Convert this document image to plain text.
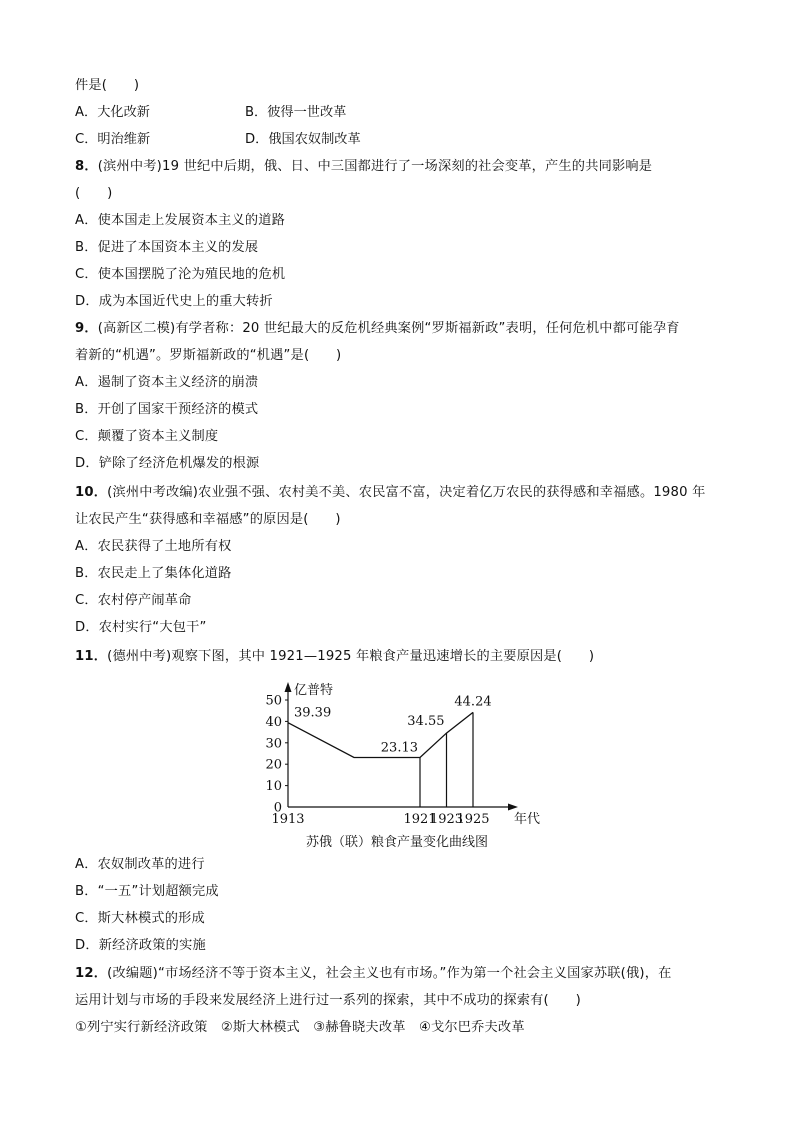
件是(　　)
A．大化改新	B．彼得一世改革
C．明治维新	D．俄国农奴制改革
8．(滨州中考)19 世纪中后期，俄、日、中三国都进行了一场深刻的社会变革，产生的共同影响是
(　　)
A．使本国走上发展资本主义的道路
B．促进了本国资本主义的发展
C．使本国摆脱了沦为殖民地的危机
D．成为本国近代史上的重大转折
9．(高新区二模)有学者称：20 世纪最大的反危机经典案例“罗斯福新政”表明，任何危机中都可能孕育
着新的“机遇”。罗斯福新政的“机遇”是(　　)
A．遏制了资本主义经济的崩溃
B．开创了国家干预经济的模式
C．颠覆了资本主义制度
D．铲除了经济危机爆发的根源
10．(滨州中考改编)农业强不强、农村美不美、农民富不富，决定着亿万农民的获得感和幸福感。1980 年
让农民产生“获得感和幸福感”的原因是(　　)
A．农民获得了土地所有权
B．农民走上了集体化道路
C．农村停产闹革命
D．农村实行“大包干”
11．(德州中考)观察下图，其中 1921—1925 年粮食产量迅速增长的主要原因是(　　)
亿普特
年代
0
10
20
30
40
50
1913	1921
1923
1925
39.39
23.13
34.55
44.24
苏俄（联）粮食产量变化曲线图
A．农奴制改革的进行
B．“一五”计划超额完成
C．斯大林模式的形成
D．新经济政策的实施
12．(改编题)“市场经济不等于资本主义，社会主义也有市场。”作为第一个社会主义国家苏联(俄)，在
运用计划与市场的手段来发展经济上进行过一系列的探索，其中不成功的探索有(　　)
①列宁实行新经济政策　②斯大林模式　③赫鲁晓夫改革　④戈尔巴乔夫改革
